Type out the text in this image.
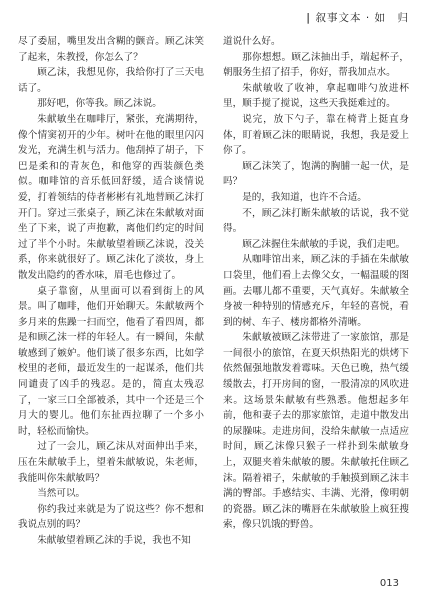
| 叙事文本 · 如　归

尽了委屈，嘴里发出含糊的颤音。顾乙沫笑了起来，朱教授，你怎么了？

顾乙沫，我想见你，我给你打了三天电话了。

那好吧，你等我。顾乙沫说。

朱献敏坐在咖啡厅，紧张，充满期待，像个情窦初开的少年。树叶在他的眼里闪闪发光，充满生机与活力。他刮掉了胡子，下巴是柔和的青灰色，和他穿的西装颜色类似。咖啡馆的音乐低回舒缓，适合谈情说爱，打着领结的侍者彬彬有礼地替顾乙沫打开门。穿过三张桌子，顾乙沫在朱献敏对面坐了下来，说了声抱歉，离他们约定的时间过了半个小时。朱献敏望着顾乙沫说，没关系，你来就很好了。顾乙沫化了淡妆，身上散发出隐约的香水味，眉毛也修过了。

桌子靠窗，从里面可以看到街上的风景。叫了咖啡，他们开始聊天。朱献敏两个多月来的焦躁一扫而空，他看了看四周，都是和顾乙沫一样的年轻人。有一瞬间，朱献敏感到了嫉妒。他们谈了很多东西，比如学校里的老师，最近发生的一起谋杀，他们共同谴责了凶手的残忍。是的，简直太残忍了，一家三口全部被杀，其中一个还是三个月大的婴儿。他们东扯西拉聊了一个多小时，轻松而愉快。

过了一会儿，顾乙沫从对面伸出手来，压在朱献敏手上，望着朱献敏说，朱老师，我能叫你朱献敏吗？

当然可以。

你约我过来就是为了说这些？你不想和我说点别的吗？

朱献敏望着顾乙沫的手说，我也不知

道说什么好。

那你想想。顾乙沫抽出手，端起杯子，朝服务生招了招手，你好，帮我加点水。

朱献敏收了收神，拿起咖啡勺放进杯里，顺手搅了搅说，这些天我挺难过的。

说完，放下勺子，靠在椅背上挺直身体，盯着顾乙沫的眼睛说，我想，我是爱上你了。

顾乙沫笑了，饱满的胸脯一起一伏，是吗？

是的，我知道，也许不合适。

不，顾乙沫打断朱献敏的话说，我不觉得。

顾乙沫握住朱献敏的手说，我们走吧。

从咖啡馆出来，顾乙沫的手插在朱献敏口袋里，他们看上去像父女，一幅温暖的图画。去哪儿都不重要，天气真好。朱献敏全身被一种特别的情感充斥，年轻的喜悦，看到的树、车子、楼房都格外清晰。

朱献敏被顾乙沫带进了一家旅馆，那是一间很小的旅馆，在夏天炽热阳光的烘烤下依然倔强地散发着霉味。天色已晚，热气缓缓散去，打开房间的窗，一股清凉的风吹进来。这场景朱献敏有些熟悉。他想起多年前，他和妻子去的那家旅馆，走道中散发出的尿臊味。走进房间，没给朱献敏一点适应时间，顾乙沫像只猴子一样扑到朱献敏身上，双腿夹着朱献敏的腰。朱献敏托住顾乙沫。隔着裙子，朱献敏的手触摸到顾乙沫丰满的臀部。手感结实、丰满、光滑，像明朝的瓷器。顾乙沫的嘴唇在朱献敏脸上疯狂搜索，像只饥饿的野兽。

013
